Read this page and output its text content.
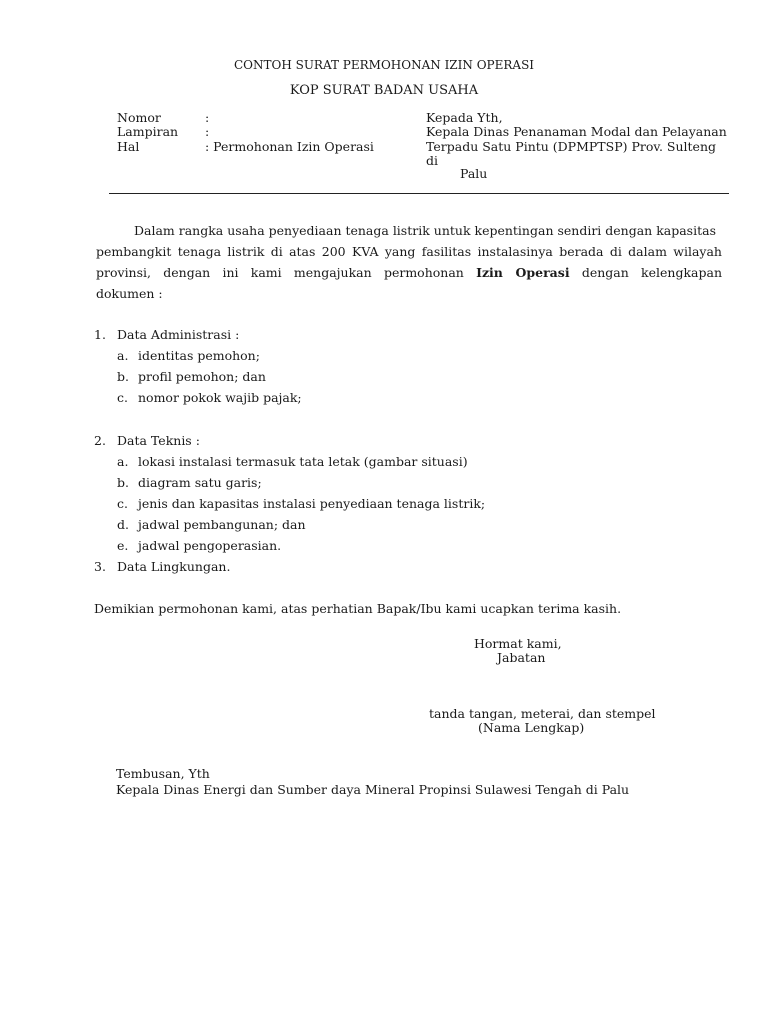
CONTOH SURAT PERMOHONAN IZIN OPERASI
KOP SURAT BADAN USAHA
Nomor	:
Lampiran :
Hal	: Permohonan Izin Operasi
Kepada Yth,
Kepala Dinas Penanaman Modal dan Pelayanan
Terpadu Satu Pintu (DPMPTSP) Prov. Sulteng
di
Palu
Dalam rangka usaha penyediaan tenaga listrik untuk kepentingan sendiri dengan kapasitas
pembangkit tenaga listrik di atas 200 KVA yang fasilitas instalasinya berada di dalam wilayah
provinsi, dengan ini kami mengajukan permohonan Izin Operasi dengan kelengkapan
dokumen :
1. Data Administrasi :
a. identitas pemohon;
b. profil pemohon; dan
c. nomor pokok wajib pajak;
2. Data Teknis :
a. lokasi instalasi termasuk tata letak (gambar situasi)
b. diagram satu garis;
c. jenis dan kapasitas instalasi penyediaan tenaga listrik;
d. jadwal pembangunan; dan
e. jadwal pengoperasian.
3. Data Lingkungan.
Demikian permohonan kami, atas perhatian Bapak/Ibu kami ucapkan terima kasih.
Hormat kami,
Jabatan
tanda tangan, meterai, dan stempel
(Nama Lengkap)
Tembusan, Yth
Kepala Dinas Energi dan Sumber daya Mineral Propinsi Sulawesi Tengah di Palu
